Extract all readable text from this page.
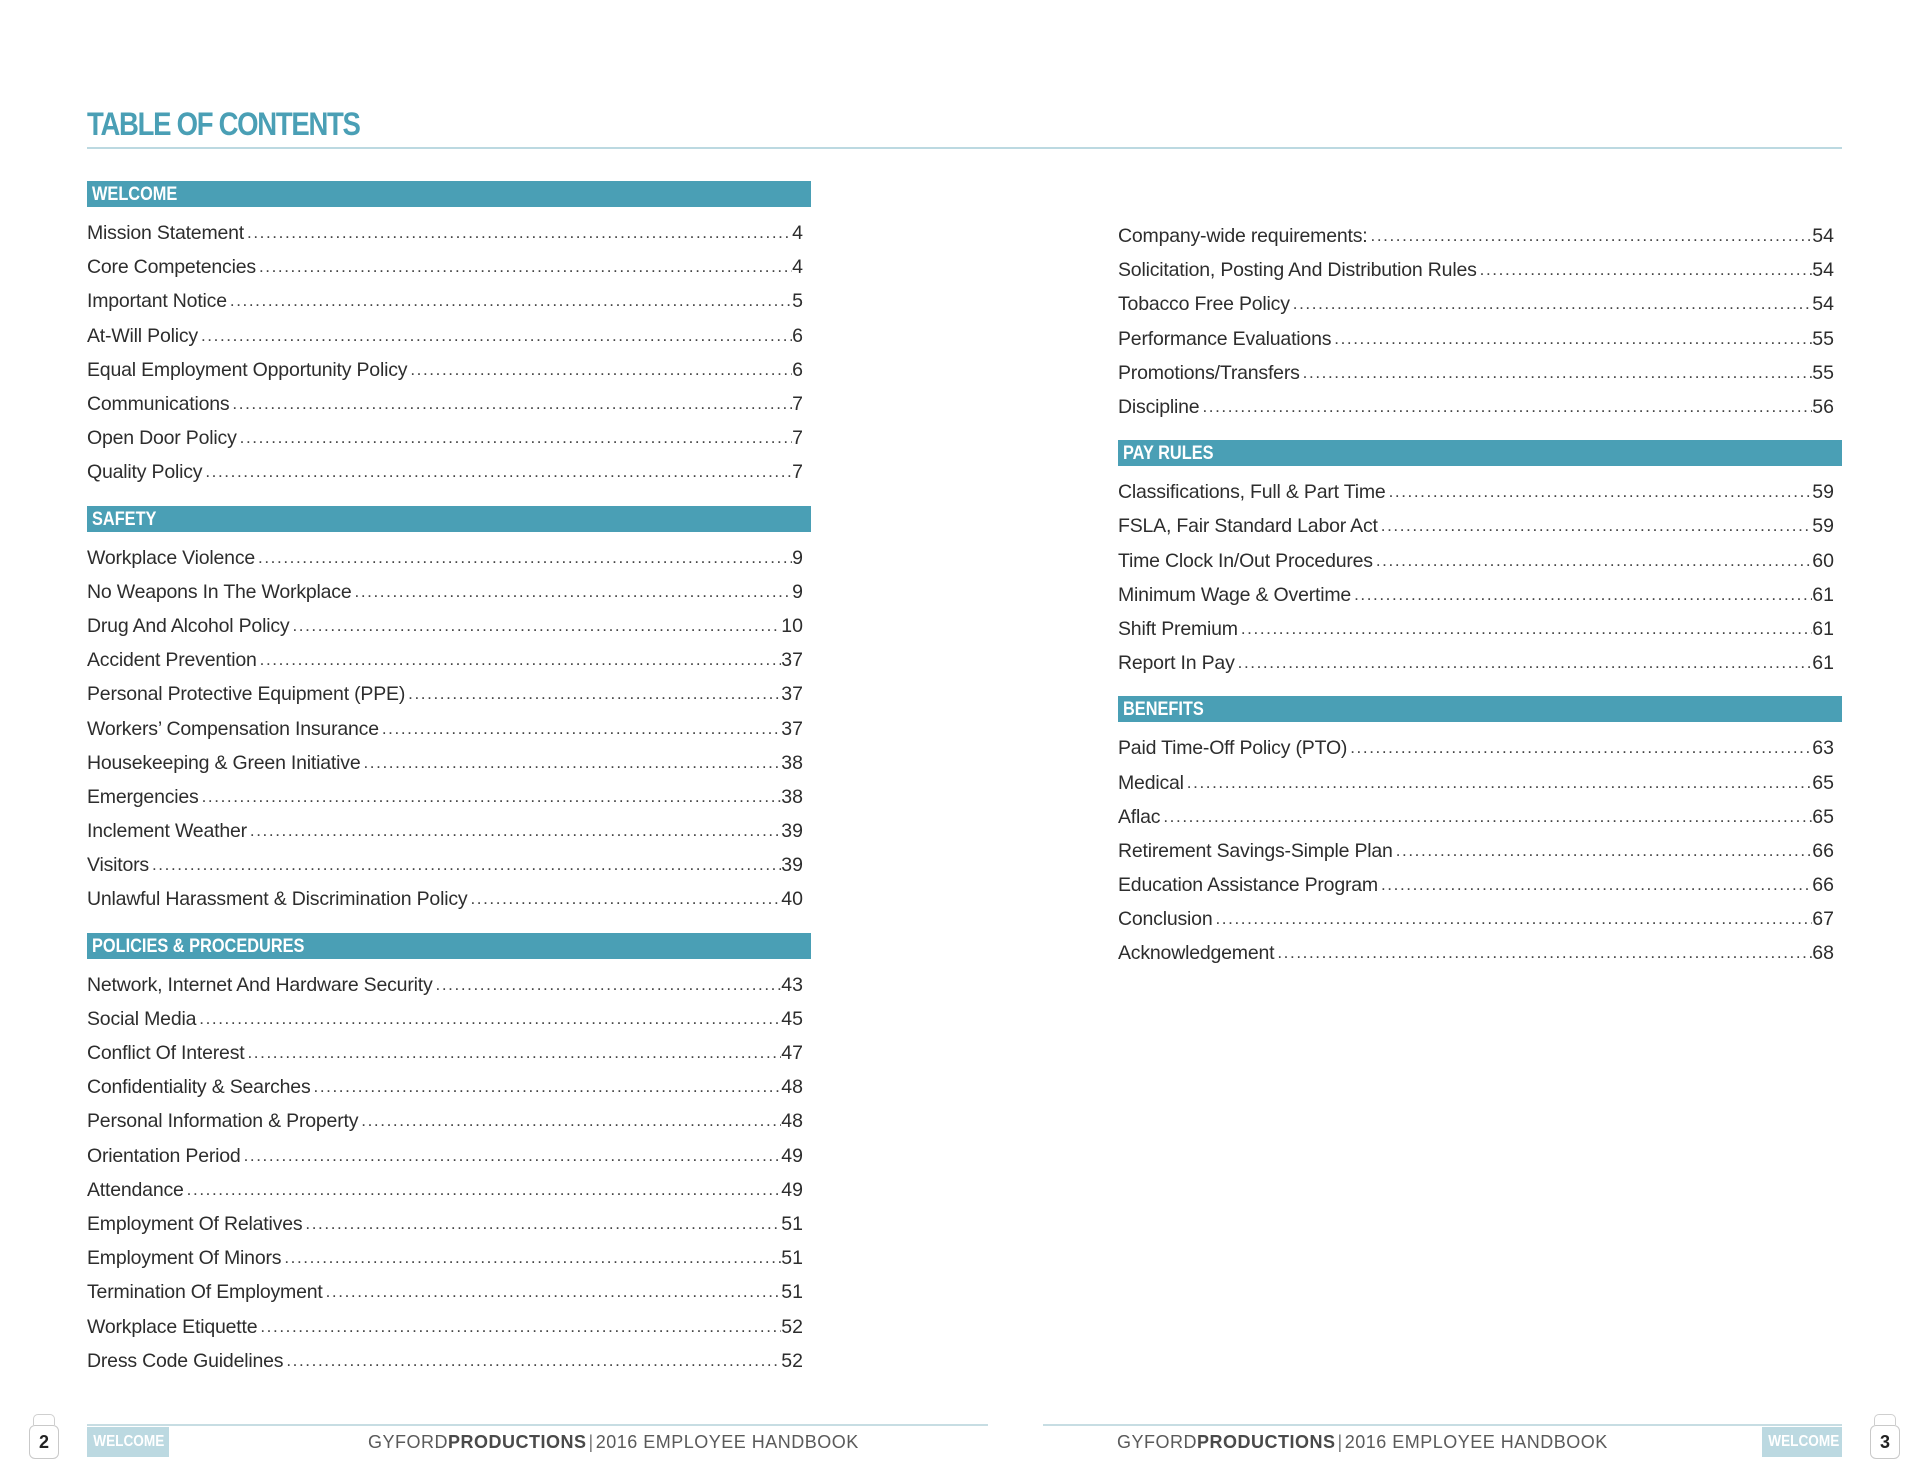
TABLE OF CONTENTS
WELCOME
Mission Statement .....	4
Core Competencies .....	4
Important Notice .....	5
At-Will Policy .....	6
Equal Employment Opportunity Policy .....	6
Communications .....	7
Open Door Policy .....	7
Quality Policy .....	7
SAFETY
Workplace Violence .....	9
No Weapons In The Workplace .....	9
Drug And Alcohol Policy .....	10
Accident Prevention .....	37
Personal Protective Equipment (PPE) .....	37
Workers’ Compensation Insurance .....	37
Housekeeping & Green Initiative .....	38
Emergencies .....	38
Inclement Weather .....	39
Visitors .....	39
Unlawful Harassment & Discrimination Policy .....	40
POLICIES & PROCEDURES
Network, Internet And Hardware Security .....	43
Social Media .....	45
Conflict Of Interest .....	47
Confidentiality & Searches .....	48
Personal Information & Property .....	48
Orientation Period .....	49
Attendance .....	49
Employment Of Relatives .....	51
Employment Of Minors .....	51
Termination Of Employment .....	51
Workplace Etiquette .....	52
Dress Code Guidelines .....	52
Company-wide requirements: .....	54
Solicitation, Posting And Distribution Rules .....	54
Tobacco Free Policy .....	54
Performance Evaluations .....	55
Promotions/Transfers .....	55
Discipline .....	56
PAY RULES
Classifications, Full & Part Time .....	59
FSLA, Fair Standard Labor Act .....	59
Time Clock In/Out Procedures .....	60
Minimum Wage & Overtime .....	61
Shift Premium .....	61
Report In Pay .....	61
BENEFITS
Paid Time-Off Policy (PTO) .....	63
Medical .....	65
Aflac .....	65
Retirement Savings-Simple Plan .....	66
Education Assistance Program .....	66
Conclusion .....	67
Acknowledgement .....	68
2	WELCOME	GYFORDPRODUCTIONS | 2016 EMPLOYEE HANDBOOK	GYFORDPRODUCTIONS | 2016 EMPLOYEE HANDBOOK	WELCOME	3
